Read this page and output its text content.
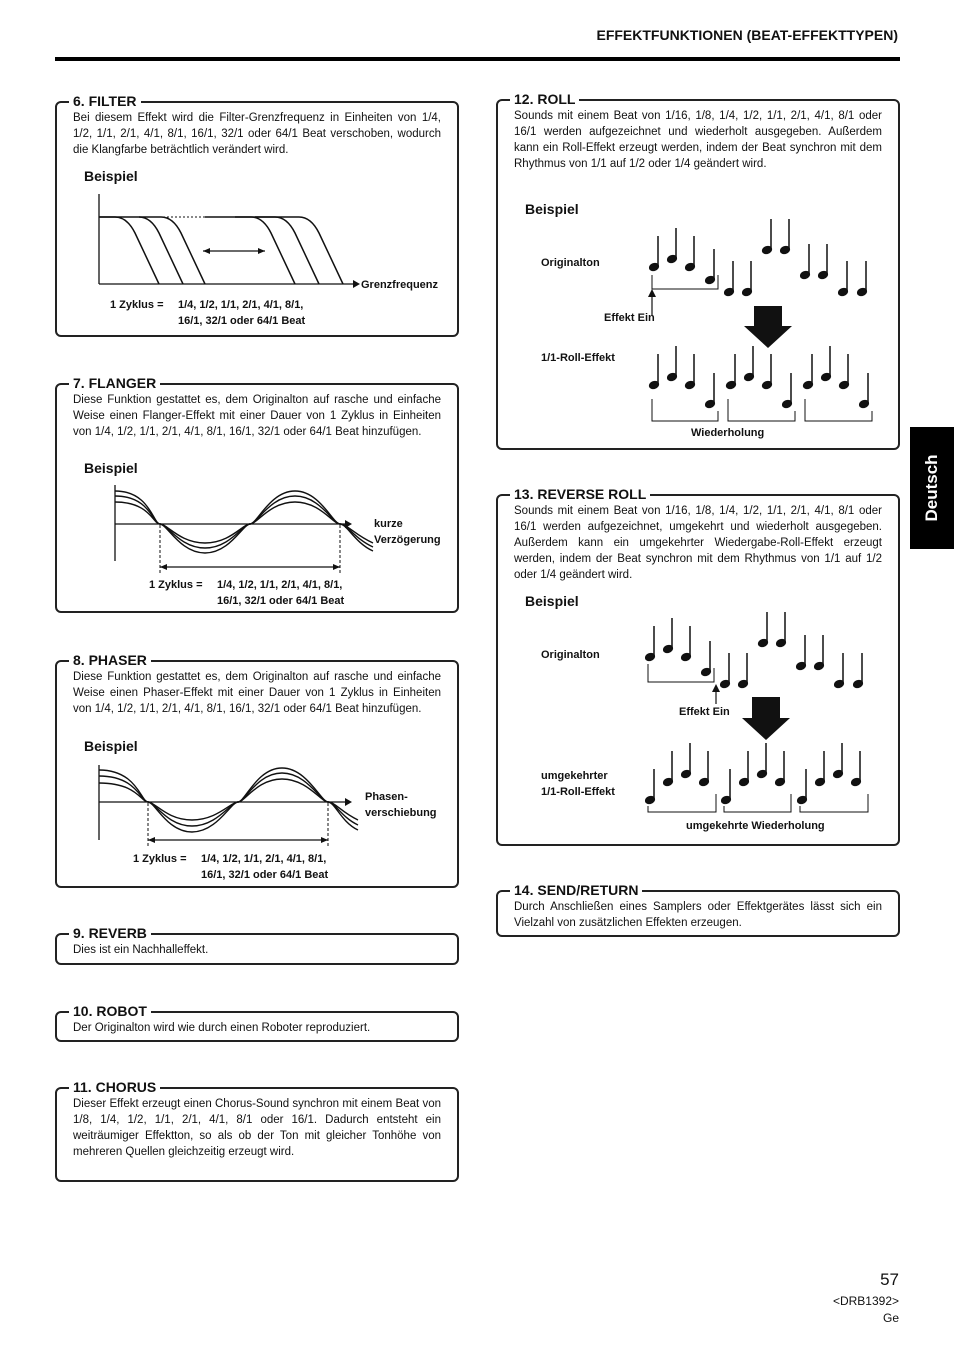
EFFEKTFUNKTIONEN (BEAT-EFFEKTTYPEN)
Deutsch
6. FILTER

Bei diesem Effekt wird die Filter-Grenzfrequenz in Einheiten von 1/4, 1/2, 1/1, 2/1, 4/1, 8/1, 16/1, 32/1 oder 64/1 Beat verschoben, wodurch die Klangfarbe beträchtlich verändert wird.

Beispiel
Grenzfrequenz
1 Zyklus = 1/4, 1/2, 1/1, 2/1, 4/1, 8/1,
16/1, 32/1 oder 64/1 Beat
7. FLANGER

Diese Funktion gestattet es, dem Originalton auf rasche und einfache Weise einen Flanger-Effekt mit einer Dauer von 1 Zyklus in Einheiten von 1/4, 1/2, 1/1, 2/1, 4/1, 8/1, 16/1, 32/1 oder 64/1 Beat hinzufügen.

Beispiel
kurze
Verzögerung
1 Zyklus = 1/4, 1/2, 1/1, 2/1, 4/1, 8/1,
16/1, 32/1 oder 64/1 Beat
8. PHASER

Diese Funktion gestattet es, dem Originalton auf rasche und einfache Weise einen Phaser-Effekt mit einer Dauer von 1 Zyklus in Einheiten von 1/4, 1/2, 1/1, 2/1, 4/1, 8/1, 16/1, 32/1 oder 64/1 Beat hinzufügen.

Beispiel
Phasen-
verschiebung
1 Zyklus = 1/4, 1/2, 1/1, 2/1, 4/1, 8/1,
16/1, 32/1 oder 64/1 Beat
9. REVERB

Dies ist ein Nachhalleffekt.

10. ROBOT

Der Originalton wird wie durch einen Roboter reproduziert.

11. CHORUS

Dieser Effekt erzeugt einen Chorus-Sound synchron mit einem Beat von 1/8, 1/4, 1/2, 1/1, 2/1, 4/1, 8/1 oder 16/1. Dadurch entsteht ein weiträumiger Effektton, so als ob der Ton mit gleicher Tonhöhe von mehreren Quellen gleichzeitig erzeugt wird.

12. ROLL

Sounds mit einem Beat von 1/16, 1/8, 1/4, 1/2, 1/1, 2/1, 4/1, 8/1 oder 16/1 werden aufgezeichnet und wiederholt ausgegeben. Außerdem kann ein Roll-Effekt erzeugt werden, indem der Beat synchron mit dem Rhythmus von 1/1 auf 1/2 oder 1/4 geändert wird.

Beispiel
Originalton
Effekt Ein
1/1-Roll-Effekt
Wiederholung
13. REVERSE ROLL

Sounds mit einem Beat von 1/16, 1/8, 1/4, 1/2, 1/1, 2/1, 4/1, 8/1 oder 16/1 werden aufgezeichnet, umgekehrt und wiederholt ausgegeben. Außerdem kann ein umgekehrter Wiedergabe-Roll-Effekt erzeugt werden, indem der Beat synchron mit dem Rhythmus von 1/1 auf 1/2 oder 1/4 geändert wird.

Beispiel
Originalton
Effekt Ein
umgekehrter
1/1-Roll-Effekt
umgekehrte Wiederholung
14. SEND/RETURN

Durch Anschließen eines Samplers oder Effektgerätes lässt sich ein Vielzahl von zusätzlichen Effekten erzeugen.

57
<DRB1392>
Ge
